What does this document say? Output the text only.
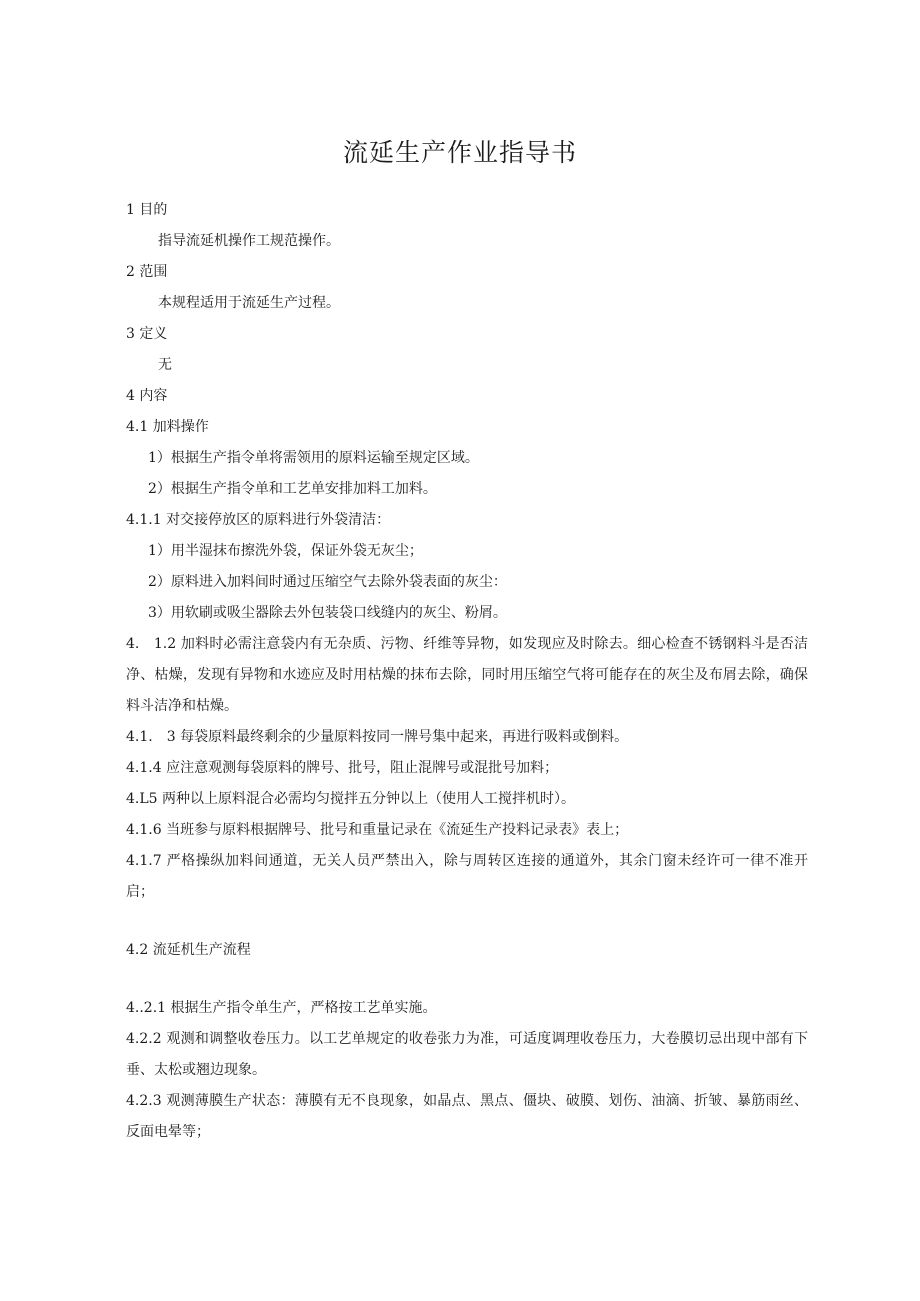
流延生产作业指导书
1 目的
指导流延机操作工规范操作。
2 范围
本规程适用于流延生产过程。
3 定义
无
4 内容
4.1 加料操作
1）根据生产指令单将需领用的原料运输至规定区域。
2）根据生产指令单和工艺单安排加料工加料。
4.1.1 对交接停放区的原料进行外袋清洁：
1）用半湿抹布擦洗外袋，保证外袋无灰尘；
2）原料进入加料间时通过压缩空气去除外袋表面的灰尘：
3）用软刷或吸尘器除去外包装袋口线缝内的灰尘、粉屑。
4.　1.2 加料时必需注意袋内有无杂质、污物、纤维等异物，如发现应及时除去。细心检查不锈钢料斗是否洁净、枯燥，发现有异物和水迹应及时用枯燥的抹布去除，同时用压缩空气将可能存在的灰尘及布屑去除，确保料斗洁净和枯燥。
4.1.　3 每袋原料最终剩余的少量原料按同一牌号集中起来，再进行吸料或倒料。
4.1.4 应注意观测每袋原料的牌号、批号，阻止混牌号或混批号加料；
4.L5 两种以上原料混合必需均匀搅拌五分钟以上（使用人工搅拌机时）。
4.1.6 当班参与原料根据牌号、批号和重量记录在《流延生产投料记录表》表上；
4.1.7 严格操纵加料间通道，无关人员严禁出入，除与周转区连接的通道外，其余门窗未经许可一律不准开启；
4.2 流延机生产流程
4..2.1 根据生产指令单生产，严格按工艺单实施。
4.2.2 观测和调整收卷压力。以工艺单规定的收卷张力为准，可适度调理收卷压力，大卷膜切忌出现中部有下垂、太松或翘边现象。
4.2.3 观测薄膜生产状态：薄膜有无不良现象，如晶点、黑点、僵块、破膜、划伤、油滴、折皱、暴筋雨丝、反面电晕等；
